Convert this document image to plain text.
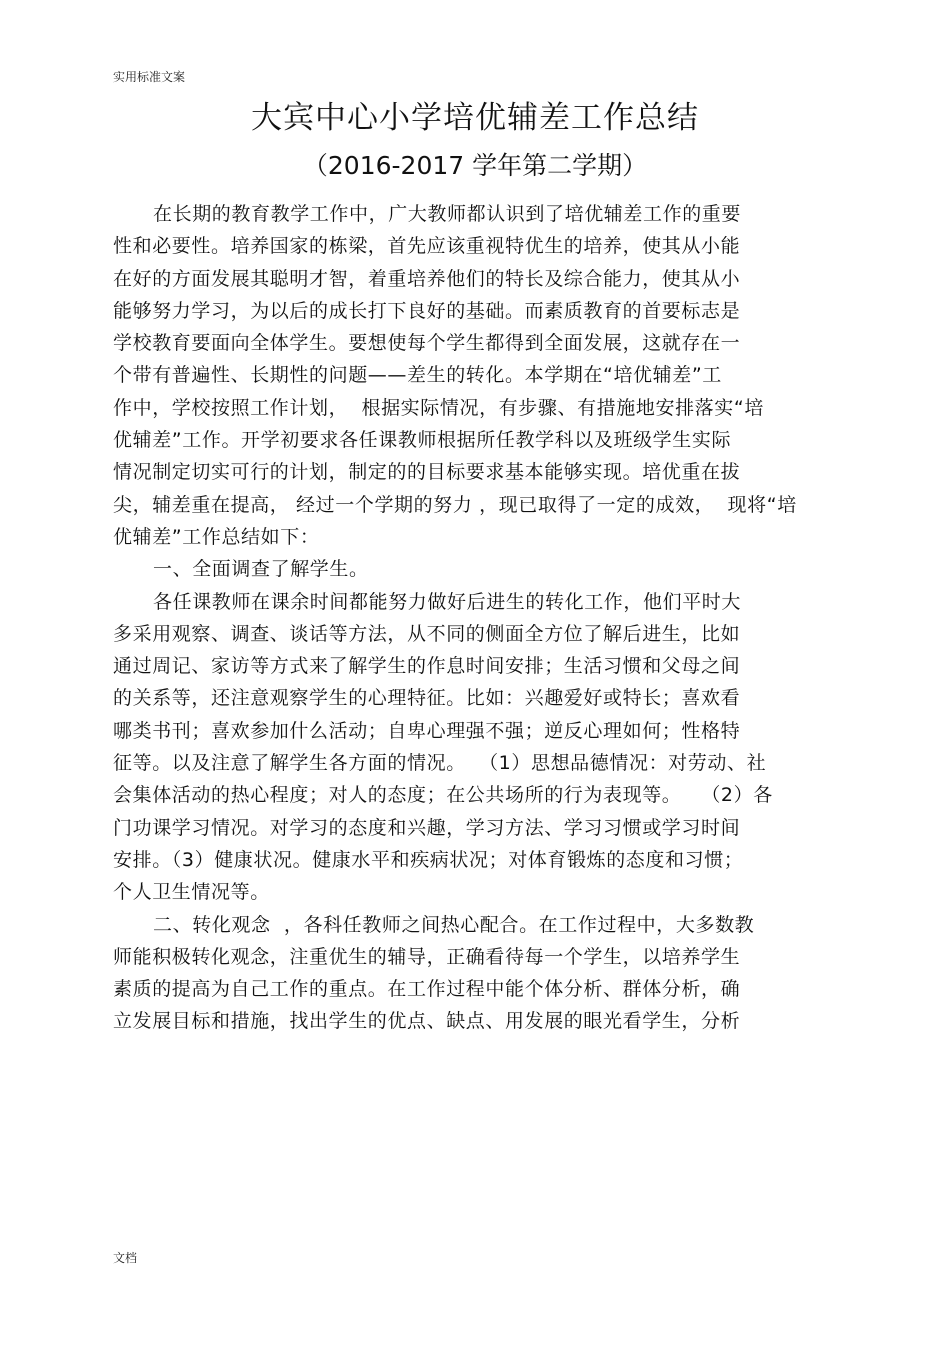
实用标准文案
大宾中心小学培优辅差工作总结
（2016-2017 学年第二学期）
在长期的教育教学工作中，广大教师都认识到了培优辅差工作的重要
性和必要性。培养国家的栋梁，首先应该重视特优生的培养，使其从小能
在好的方面发展其聪明才智，着重培养他们的特长及综合能力，使其从小
能够努力学习，为以后的成长打下良好的基础。而素质教育的首要标志是
学校教育要面向全体学生。要想使每个学生都得到全面发展，这就存在一
个带有普遍性、长期性的问题——差生的转化。本学期在“培优辅差”工
作中，学校按照工作计划，  根据实际情况，有步骤、有措施地安排落实“培
优辅差”工作。开学初要求各任课教师根据所任教学科以及班级学生实际
情况制定切实可行的计划，制定的的目标要求基本能够实现。培优重在拔
尖，辅差重在提高， 经过一个学期的努力 ，现已取得了一定的成效，  现将“培
优辅差”工作总结如下：
一、全面调查了解学生。
各任课教师在课余时间都能努力做好后进生的转化工作，他们平时大
多采用观察、调查、谈话等方法，从不同的侧面全方位了解后进生，比如
通过周记、家访等方式来了解学生的作息时间安排；生活习惯和父母之间
的关系等，还注意观察学生的心理特征。比如：兴趣爱好或特长；喜欢看
哪类书刊；喜欢参加什么活动；自卑心理强不强；逆反心理如何；性格特
征等。以及注意了解学生各方面的情况。  （1）思想品德情况：对劳动、社
会集体活动的热心程度；对人的态度；在公共场所的行为表现等。   （2）各
门功课学习情况。对学习的态度和兴趣，学习方法、学习习惯或学习时间
安排。（3）健康状况。健康水平和疾病状况；对体育锻炼的态度和习惯；
个人卫生情况等。
二、转化观念  ，各科任教师之间热心配合。在工作过程中，大多数教
师能积极转化观念，注重优生的辅导，正确看待每一个学生，以培养学生
素质的提高为自己工作的重点。在工作过程中能个体分析、群体分析，确
立发展目标和措施，找出学生的优点、缺点、用发展的眼光看学生，分析
文档
